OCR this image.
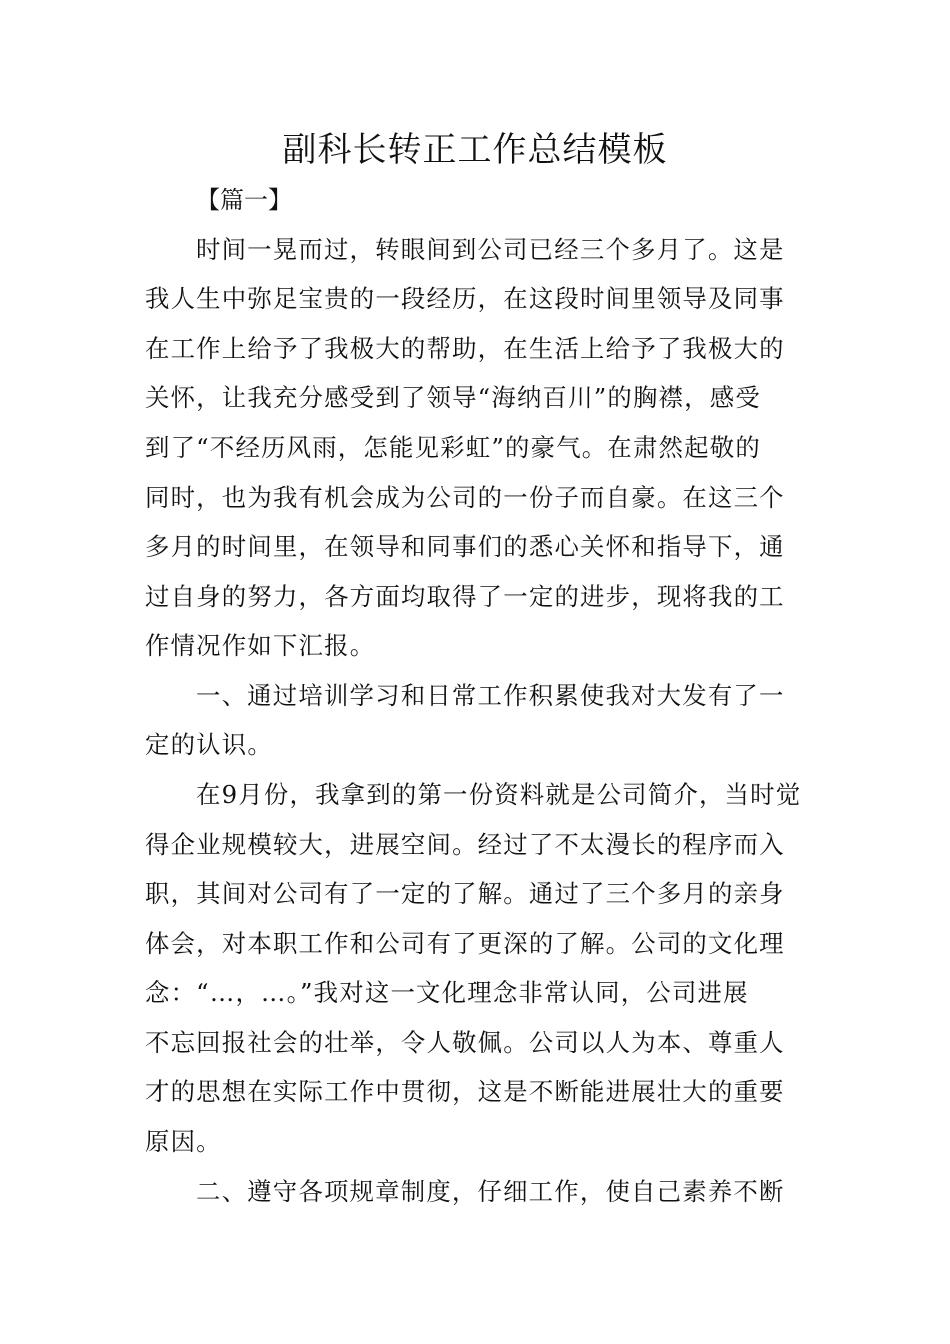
副科长转正工作总结模板

【篇一】

时间一晃而过，转眼间到公司已经三个多月了。这是

我人生中弥足宝贵的一段经历，在这段时间里领导及同事

在工作上给予了我极大的帮助，在生活上给予了我极大的

关怀，让我充分感受到了领导“海纳百川”的胸襟，感受

到了“不经历风雨，怎能见彩虹”的豪气。在肃然起敬的

同时，也为我有机会成为公司的一份子而自豪。在这三个

多月的时间里，在领导和同事们的悉心关怀和指导下，通

过自身的努力，各方面均取得了一定的进步，现将我的工

作情况作如下汇报。

一、通过培训学习和日常工作积累使我对大发有了一

定的认识。

在9月份，我拿到的第一份资料就是公司简介，当时觉

得企业规模较大，进展空间。经过了不太漫长的程序而入

职，其间对公司有了一定的了解。通过了三个多月的亲身

体会，对本职工作和公司有了更深的了解。公司的文化理

念：“…，…。”我对这一文化理念非常认同，公司进展

不忘回报社会的壮举，令人敬佩。公司以人为本、尊重人

才的思想在实际工作中贯彻，这是不断能进展壮大的重要

原因。

二、遵守各项规章制度，仔细工作，使自己素养不断
